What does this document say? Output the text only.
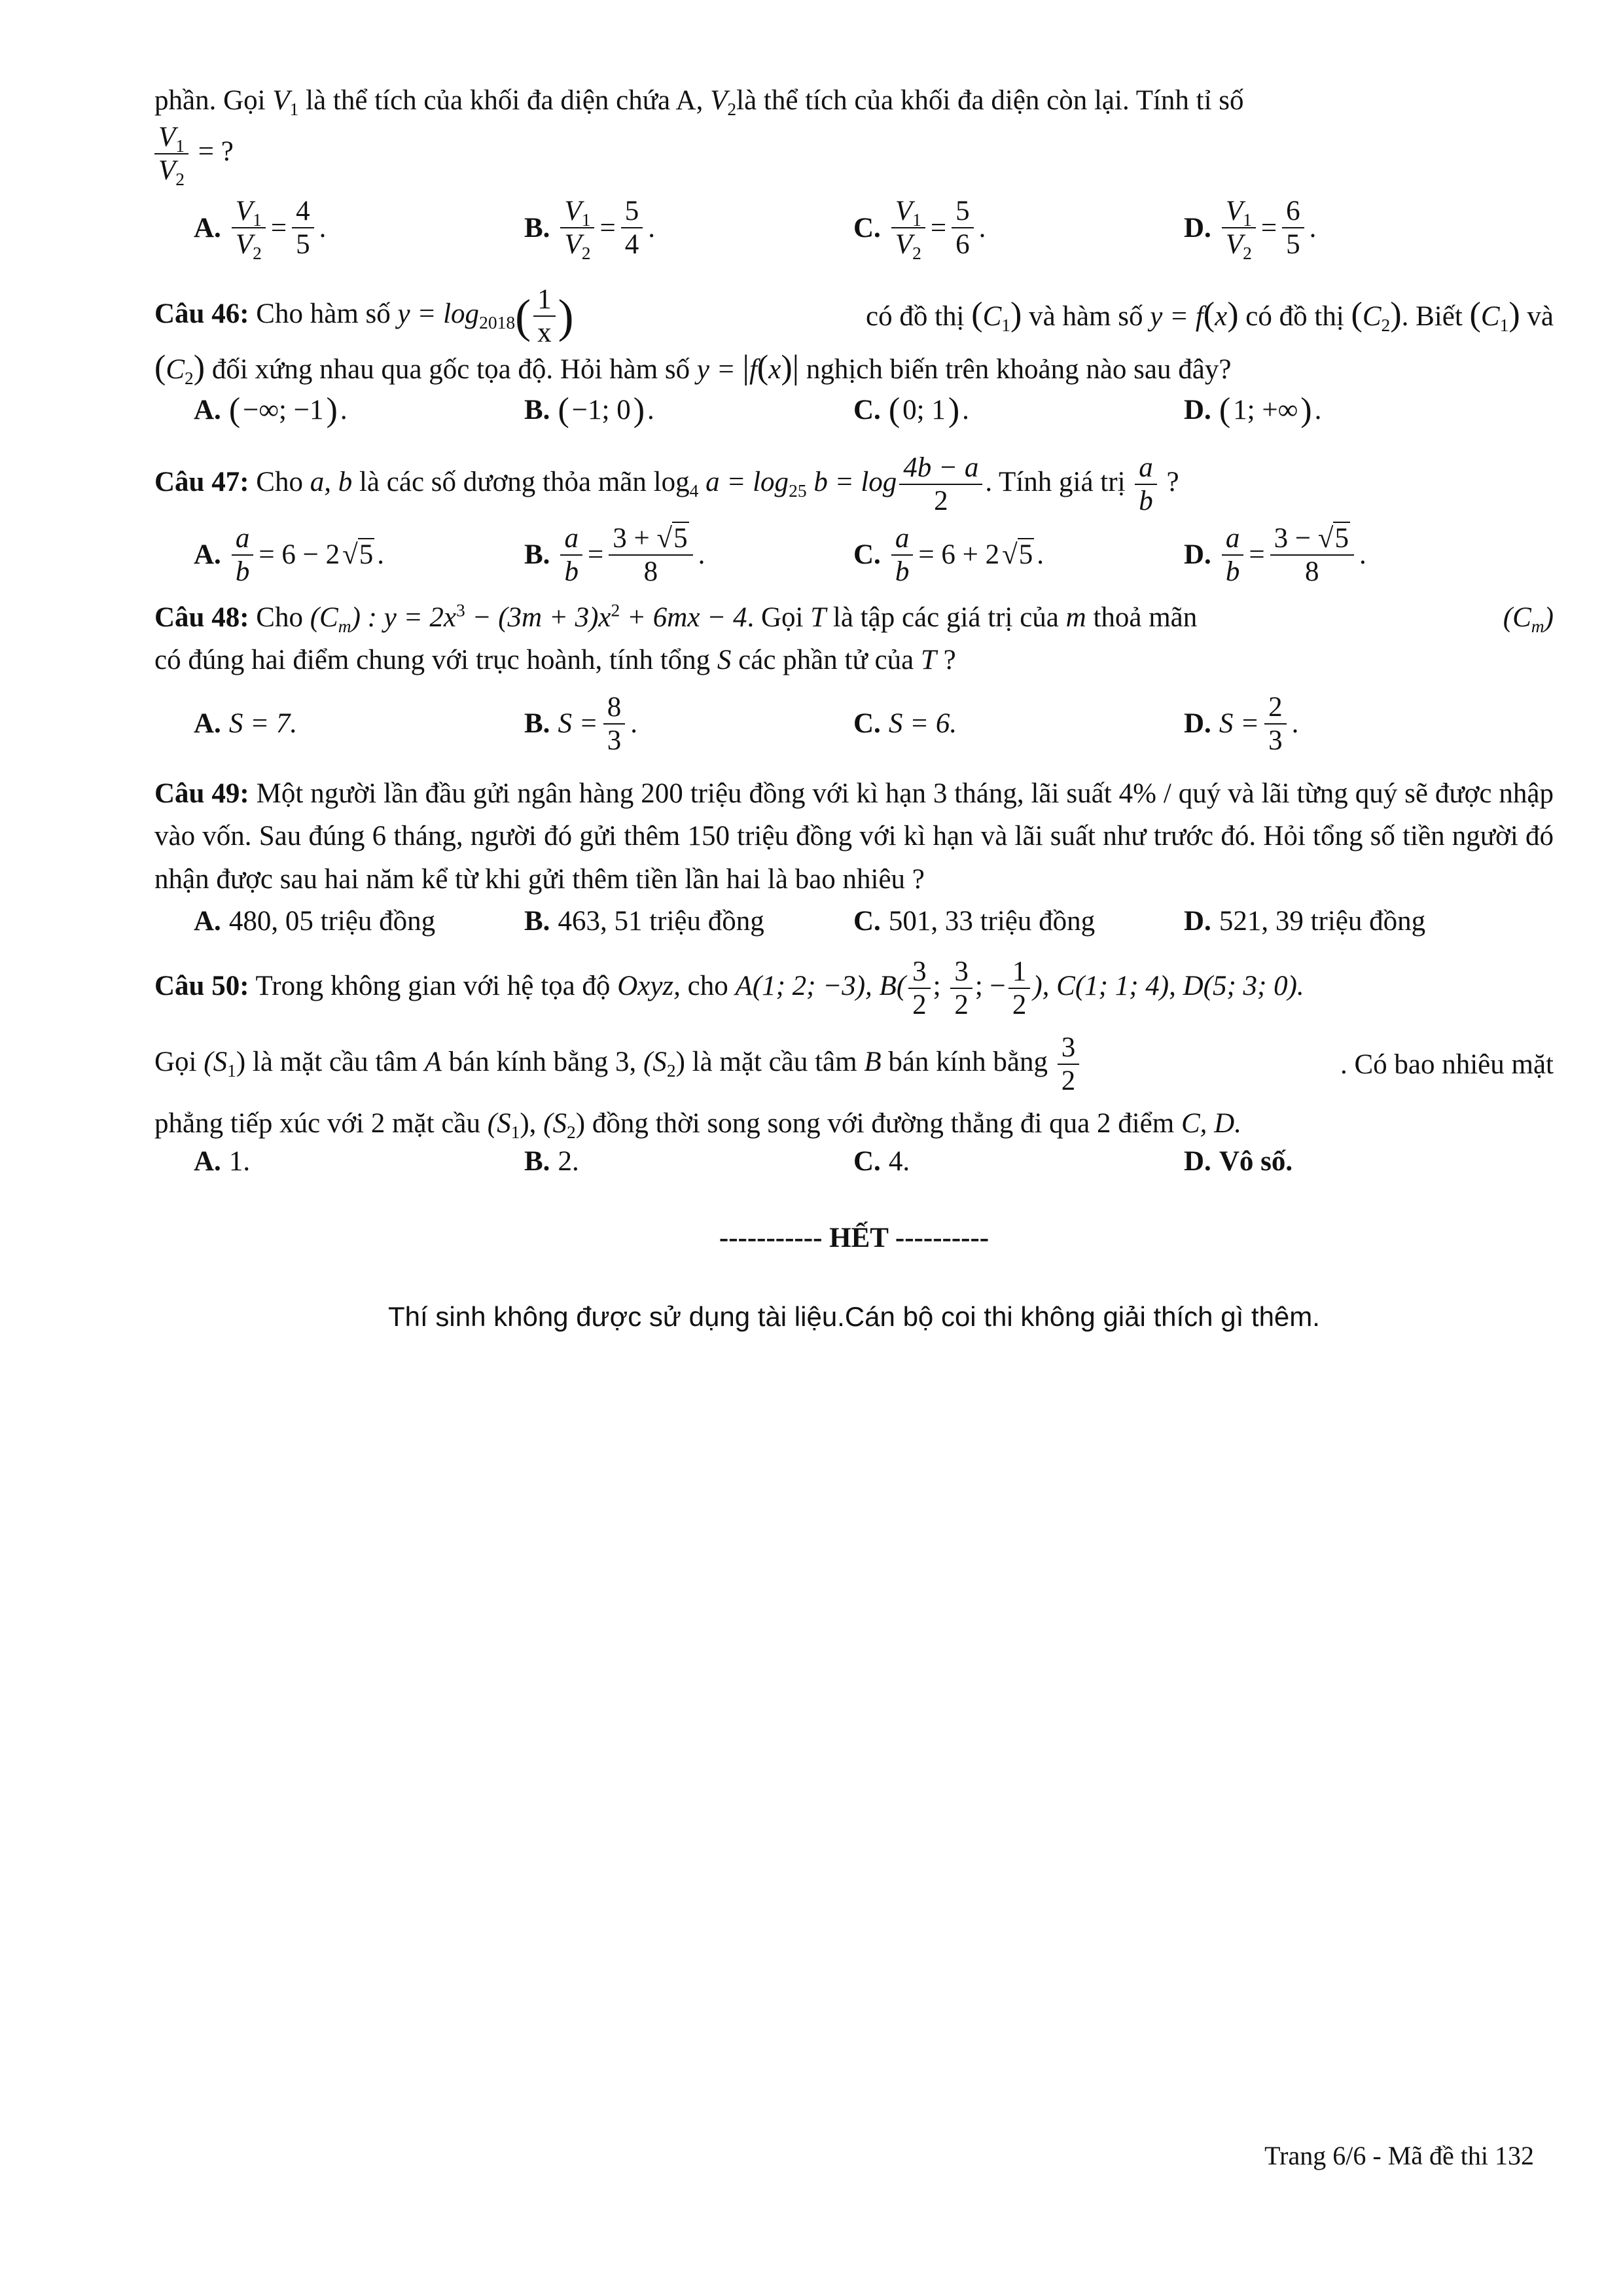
phần. Gọi $V_1$ là thể tích của khối đa diện chứa A, $V_2là$ thể tích của khối đa diện còn lại. Tính tỉ số
$\frac{V_1}{V_2}$ = ?
A. $\frac{V_1}{V_2} = \frac{4}{5}$ .	B. $\frac{V_1}{V_2} = \frac{5}{4}$ .	C. $\frac{V_1}{V_2} = \frac{5}{6}$ .	D. $\frac{V_1}{V_2} = \frac{6}{5}$ .
Câu 46: Cho hàm số $y = \log_{2018}( \frac{1}{x}$ )	có đồ thị $(C_1)$ và hàm số y = f(x) có đồ thị $(C_2)$. Biết $(C_1)$ và
$(C_2)$ đối xứng nhau qua gốc tọa độ. Hỏi hàm số y = |f(x)| nghịch biến trên khoảng nào sau đây?
A. ( −∞; −1 ) .	B. ( −1; 0 ) .	C. ( 0; 1 ) .	D. ( 1; +∞ ) .
Câu 47: Cho a, b là các số dương thỏa mãn $\log_4 a = \log_{25} b = \log \frac{4b - a}{2}$ . Tính giá trị $\frac{a}{b}$ ?
A. $\frac{a}{b} = 6 - 2$ √5 .	B. $\frac{a}{b} = \frac{3 + √5}{8}$ .	C. $\frac{a}{b} = 6 + 2$ √5 .	D. $\frac{a}{b} = \frac{3 - √5}{8}$ .
Câu 48: Cho $(C_m)$ : $y = 2x^3 - (3m + 3)x^2 + 6mx - 4$. Gọi T là tập các giá trị của m thoả mãn	$(C_m)$
có đúng hai điểm chung với trục hoành, tính tổng S các phần tử của T ?
A. S = 7.	B. $S = \frac{8}{3}$ .	C. S = 6.	D. $S = \frac{2}{3}$ .

Câu 49: Một người lần đầu gửi ngân hàng 200 triệu đồng với kì hạn 3 tháng, lãi suất 4% / quý và lãi từng quý sẽ được nhập vào vốn. Sau đúng 6 tháng, người đó gửi thêm 150 triệu đồng với kì hạn và lãi suất như trước đó. Hỏi tổng số tiền người đó nhận được sau hai năm kể từ khi gửi thêm tiền lần hai là bao nhiêu ?

A. 480, 05 triệu đồng	B. 463, 51 triệu đồng	C. 501, 33 triệu đồng	D. 521, 39 triệu đồng
Câu 50: Trong không gian với hệ tọa độ Oxyz, cho A(1; 2; −3), $B( \frac{3}{2}$ ; $\frac{3}{2}$ ; − $\frac{1}{2}$ ), C(1; 1; 4), D(5; 3; 0).
Gọi $(S_1)$ là mặt cầu tâm A bán kính bằng 3, $(S_2)$ là mặt cầu tâm B bán kính bằng $\frac{3}{2}$	. Có bao nhiêu mặt
phẳng tiếp xúc với 2 mặt cầu $(S_1)$, $(S_2)$ đồng thời song song với đường thẳng đi qua 2 điểm C, D.
A. 1.	B. 2.	C. 4.	D. Vô số.
----------- HẾT ----------
Thí sinh không được sử dụng tài liệu.Cán bộ coi thi không giải thích gì thêm.
Trang 6/6 - Mã đề thi 132
